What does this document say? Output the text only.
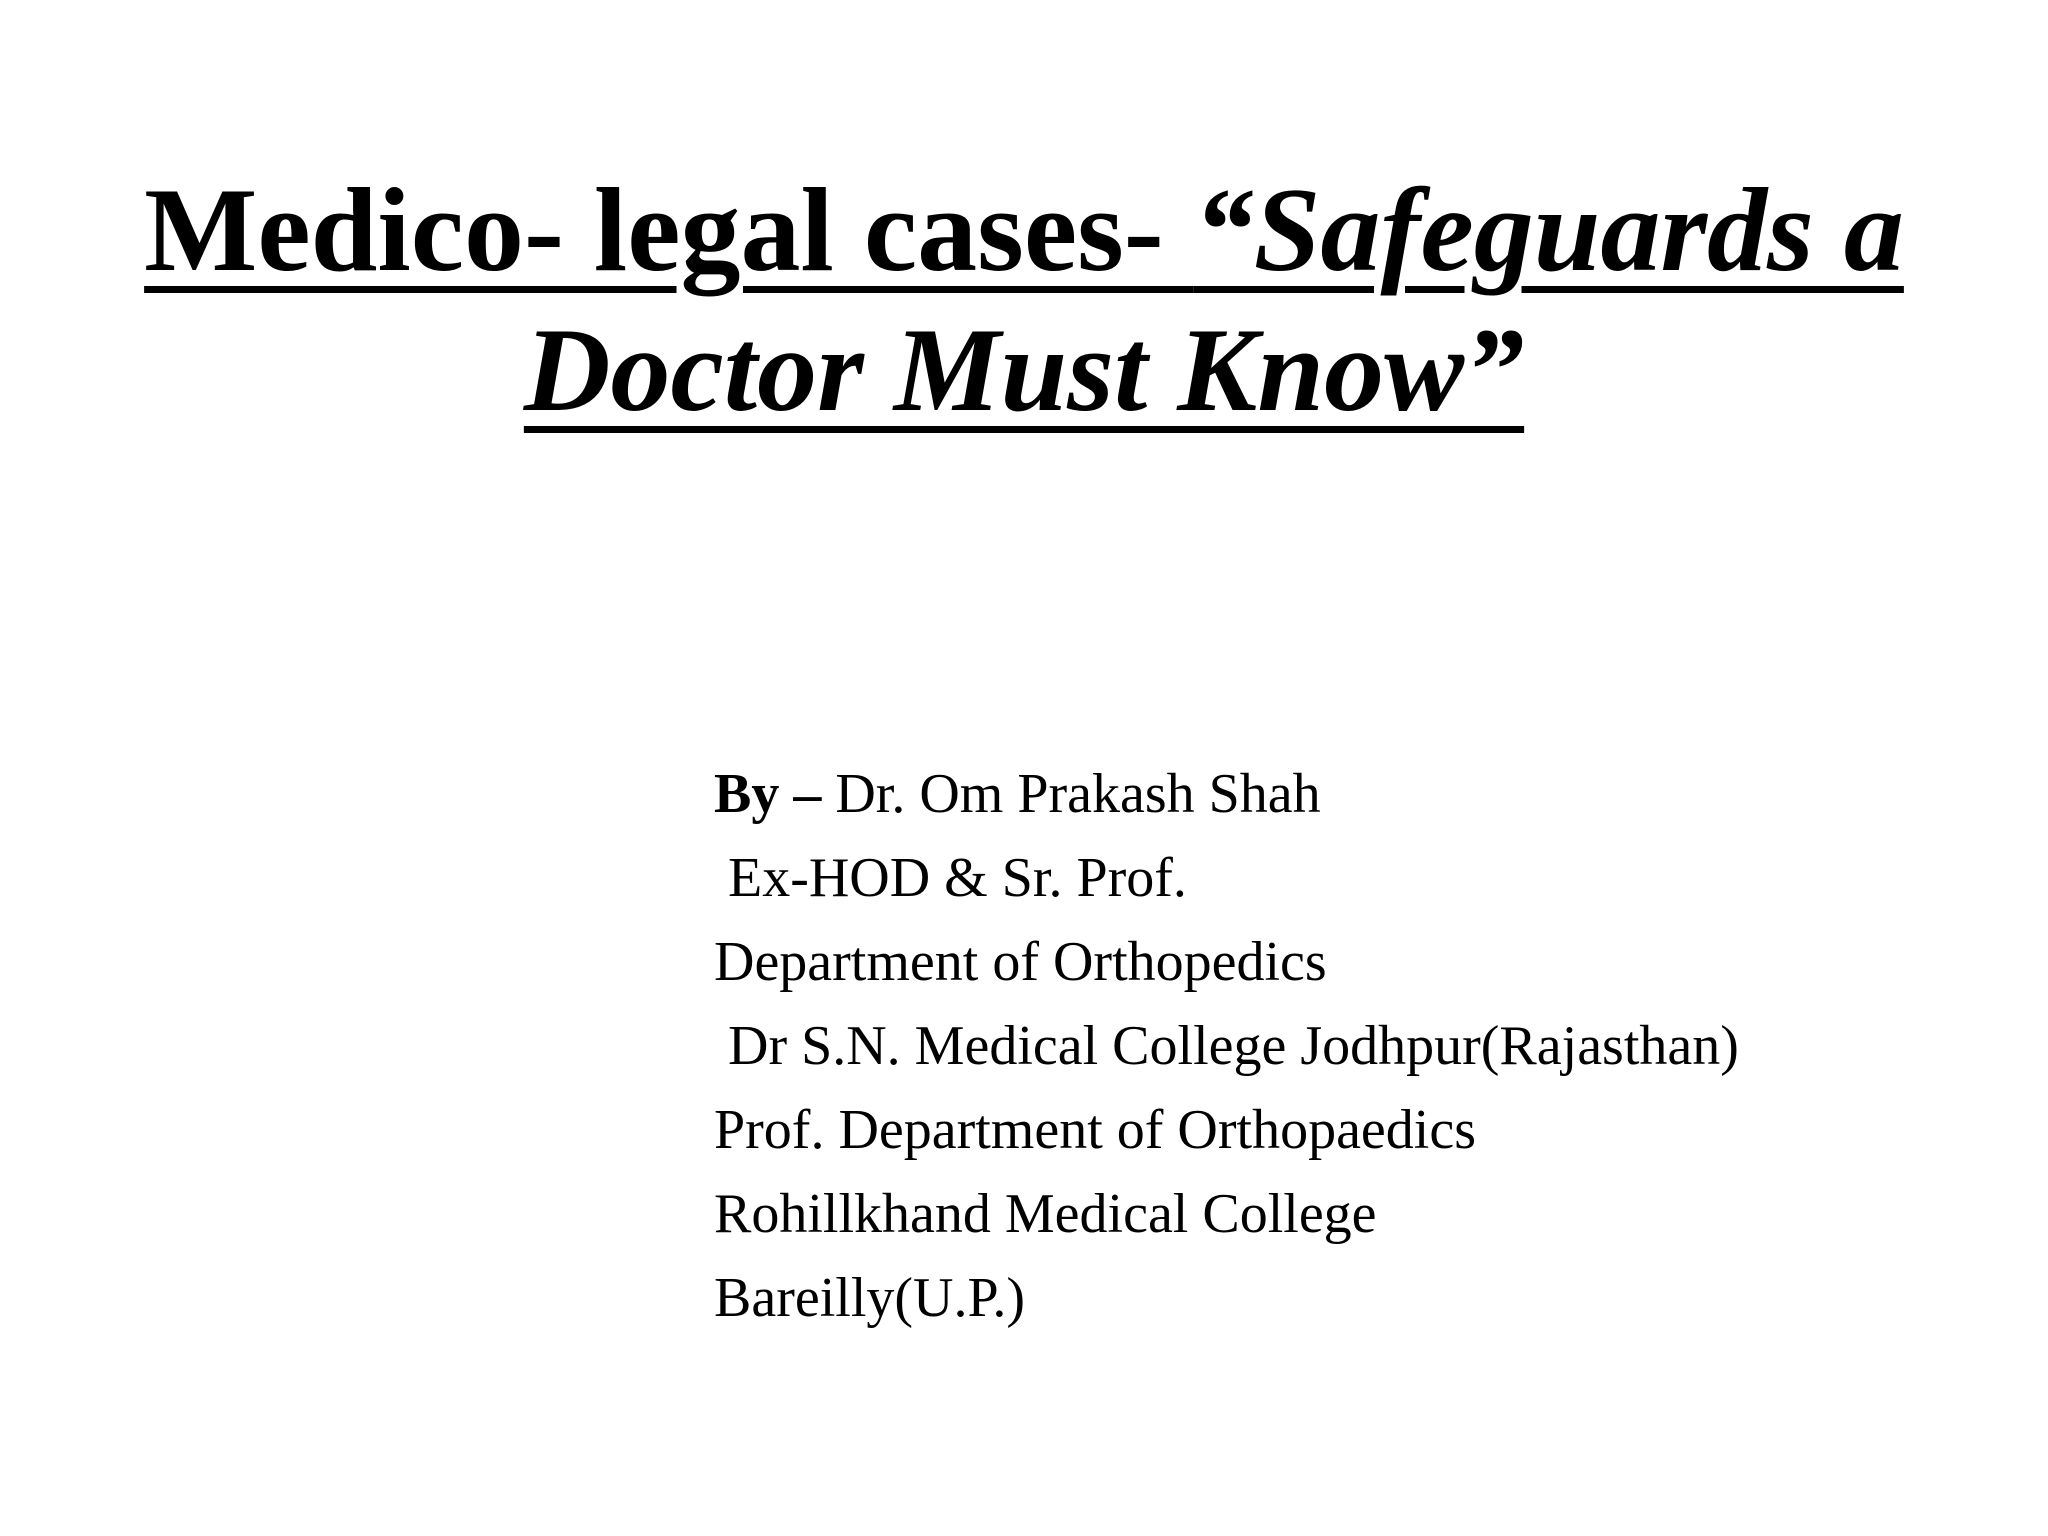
Medico- legal cases- “Safeguards a
Doctor Must Know”
By – Dr. Om Prakash Shah
Ex-HOD & Sr. Prof.
Department of Orthopedics
Dr S.N. Medical College Jodhpur(Rajasthan)
Prof. Department of Orthopaedics
Rohillkhand Medical College
Bareilly(U.P.)
